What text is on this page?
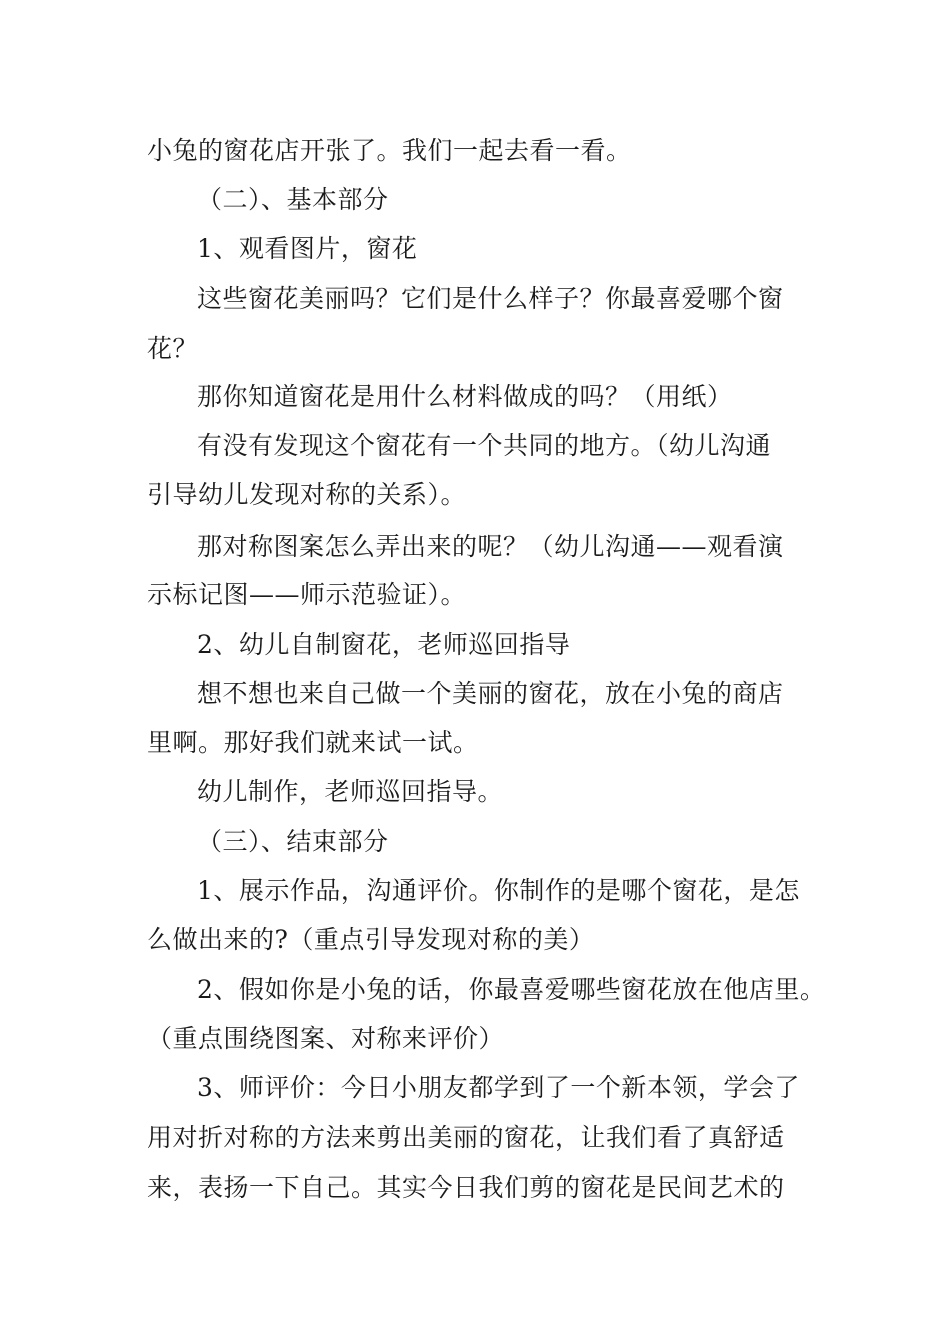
小兔的窗花店开张了。我们一起去看一看。

（二）、基本部分

1、观看图片，窗花

这些窗花美丽吗？它们是什么样子？你最喜爱哪个窗

花？

那你知道窗花是用什么材料做成的吗？（用纸）

有没有发现这个窗花有一个共同的地方。（幼儿沟通

引导幼儿发现对称的关系）。

那对称图案怎么弄出来的呢？（幼儿沟通——观看演

示标记图——师示范验证）。

2、幼儿自制窗花，老师巡回指导

想不想也来自己做一个美丽的窗花，放在小兔的商店

里啊。那好我们就来试一试。

幼儿制作，老师巡回指导。

（三）、结束部分

1、展示作品，沟通评价。你制作的是哪个窗花，是怎

么做出来的?（重点引导发现对称的美）

2、假如你是小兔的话，你最喜爱哪些窗花放在他店里。

（重点围绕图案、对称来评价）

3、师评价：今日小朋友都学到了一个新本领，学会了

用对折对称的方法来剪出美丽的窗花，让我们看了真舒适

来，表扬一下自己。其实今日我们剪的窗花是民间艺术的
